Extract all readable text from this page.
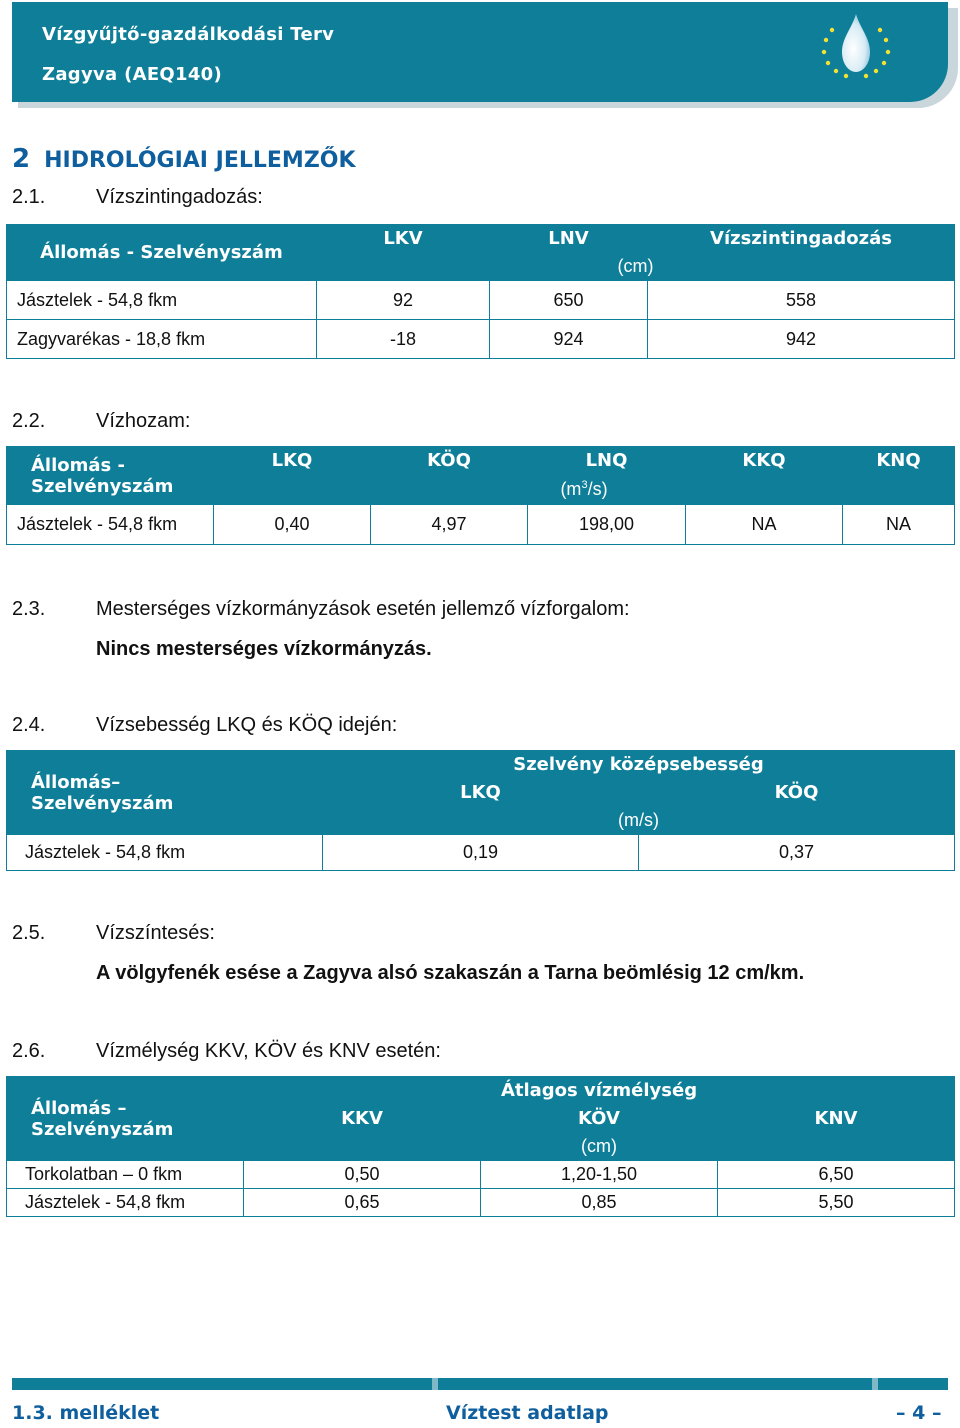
Vízgyűjtő-gazdálkodási Terv
Zagyva (AEQ140)
2 HIDROLÓGIAI JELLEMZŐK
2.1.	Vízszintingadozás:
Állomás - Szelvényszám	LKV	LNV	Vízszintingadozás
	(cm)		
Jásztelek - 54,8 fkm	92	650	558
Zagyvarékas - 18,8 fkm	-18	924	942
2.2.	Vízhozam:
Állomás -
Szelvényszám	LKQ	KÖQ	LNQ	KKQ	KNQ
	$(m^3/s)$				
Jásztelek - 54,8 fkm	0,40	4,97	198,00	NA	NA
2.3.	Mesterséges vízkormányzások esetén jellemző vízforgalom:
Nincs mesterséges vízkormányzás.
2.4.	Vízsebesség LKQ és KÖQ idején:
Állomás–
Szelvényszám	Szelvény középsebesség	
	LKQ	KÖQ
	(m/s)	
Jásztelek - 54,8 fkm	0,19	0,37
2.5.	Vízszíntesés:
A völgyfenék esése a Zagyva alsó szakaszán a Tarna beömlésig 12 cm/km.
2.6.	Vízmélység KKV, KÖV és KNV esetén:
Állomás –
Szelvényszám	Átlagos vízmélység		
	KKV	KÖV	KNV
	(cm)		
Torkolatban – 0 fkm	0,50	1,20-1,50	6,50
Jásztelek - 54,8 fkm	0,65	0,85	5,50
1.3. melléklet	Víztest adatlap	– 4 –
